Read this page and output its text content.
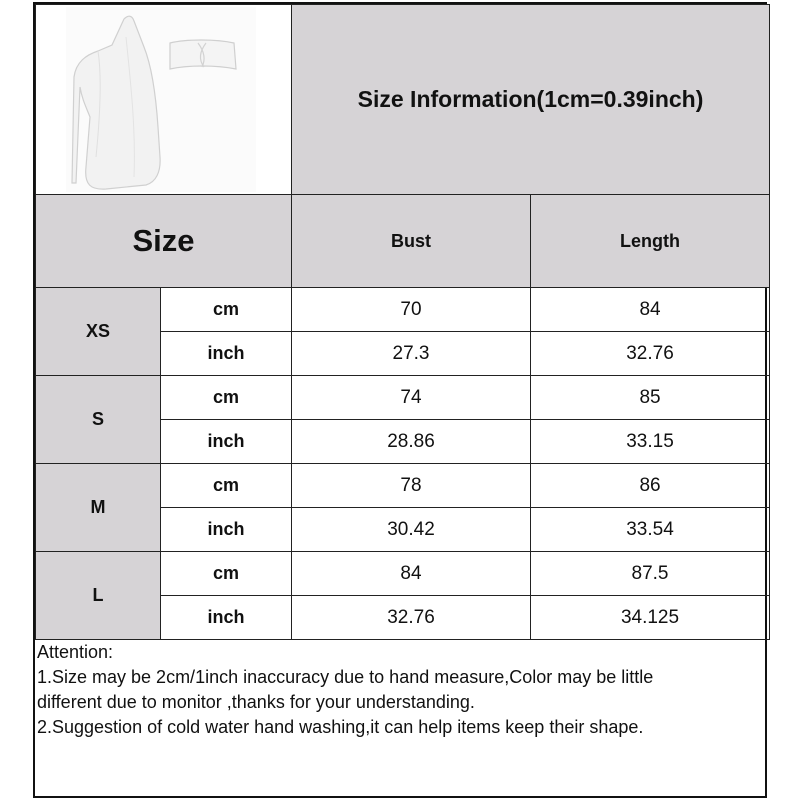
	Size Information(1cm=0.39inch)	
Size		Bust	Length
XS	cm	70	84
	inch	27.3	32.76
S	cm	74	85
	inch	28.86	33.15
M	cm	78	86
	inch	30.42	33.54
L	cm	84	87.5
	inch	32.76	34.125
Attention:
1.Size may be 2cm/1inch inaccuracy due to hand measure,Color may be little
different due to monitor ,thanks for your understanding.
2.Suggestion of cold water hand washing,it can help items keep their shape.
